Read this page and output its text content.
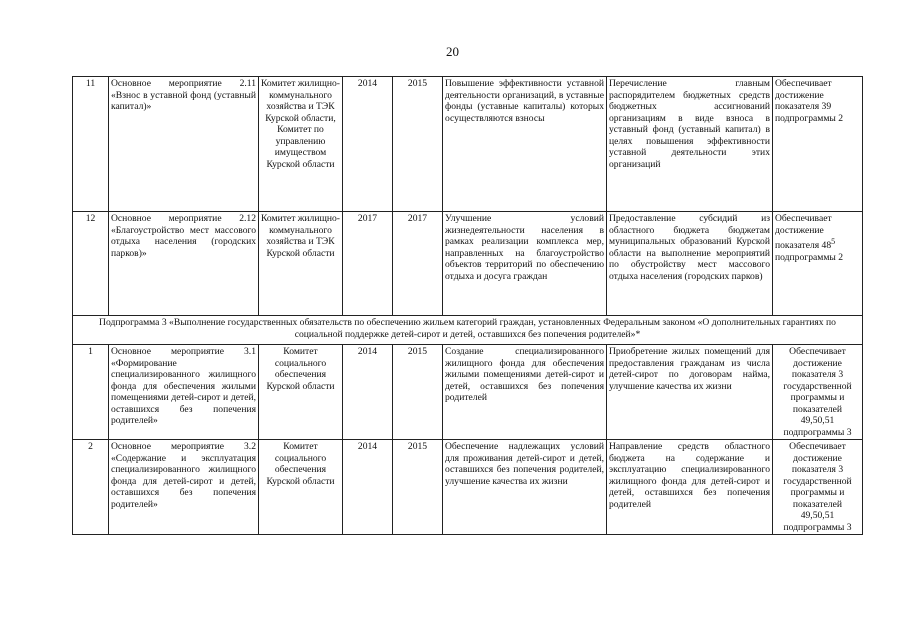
20
11	Основное мероприятие 2.11 «Взнос в уставной фонд (уставный капитал)»	Комитет жилищно-коммунального хозяйства и ТЭК Курской области, Комитет по управлению имуществом Курской области	2014	2015	Повышение эффективности уставной деятельности организаций, в уставные фонды (уставные капиталы) которых осуществляются взносы	Перечисление главным распорядителем бюджетных средств бюджетных ассигнований организациям в виде взноса в уставный фонд (уставный капитал) в целях повышения эффективности уставной деятельности этих организаций	Обеспечивает достижение показателя 39 подпрограммы 2
12	Основное мероприятие 2.12 «Благоустройство мест массового отдыха населения (городских парков)»	Комитет жилищно-коммунального хозяйства и ТЭК Курской области	2017	2017	Улучшение условий жизнедеятельности населения в рамках реализации комплекса мер, направленных на благоустройство объектов территорий по обеспечению отдыха и досуга граждан	Предоставление субсидий из областного бюджета бюджетам муниципальных образований Курской области на выполнение мероприятий по обустройству мест массового отдыха населения (городских парков)	Обеспечивает достижение показателя $48^5$ подпрограммы 2
Подпрограмма 3 «Выполнение государственных обязательств по обеспечению жильем категорий граждан, установленных Федеральным законом «О дополнительных гарантиях по социальной поддержке детей-сирот и детей, оставшихся без попечения родителей»*							
1	Основное мероприятие 3.1 «Формирование специализированного жилищного фонда для обеспечения жилыми помещениями детей-сирот и детей, оставшихся без попечения родителей»	Комитет социального обеспечения Курской области	2014	2015	Создание специализированного жилищного фонда для обеспечения жилыми помещениями детей-сирот и детей, оставшихся без попечения родителей	Приобретение жилых помещений для предоставления гражданам из числа детей-сирот по договорам найма, улучшение качества их жизни	Обеспечивает достижение показателя 3 государственной программы и показателей 49,50,51 подпрограммы 3
2	Основное мероприятие 3.2 «Содержание и эксплуатация специализированного жилищного фонда для детей-сирот и детей, оставшихся без попечения родителей»	Комитет социального обеспечения Курской области	2014	2015	Обеспечение надлежащих условий для проживания детей-сирот и детей, оставшихся без попечения родителей, улучшение качества их жизни	Направление средств областного бюджета на содержание и эксплуатацию специализированного жилищного фонда для детей-сирот и детей, оставшихся без попечения родителей	Обеспечивает достижение показателя 3 государственной программы и показателей 49,50,51 подпрограммы 3
